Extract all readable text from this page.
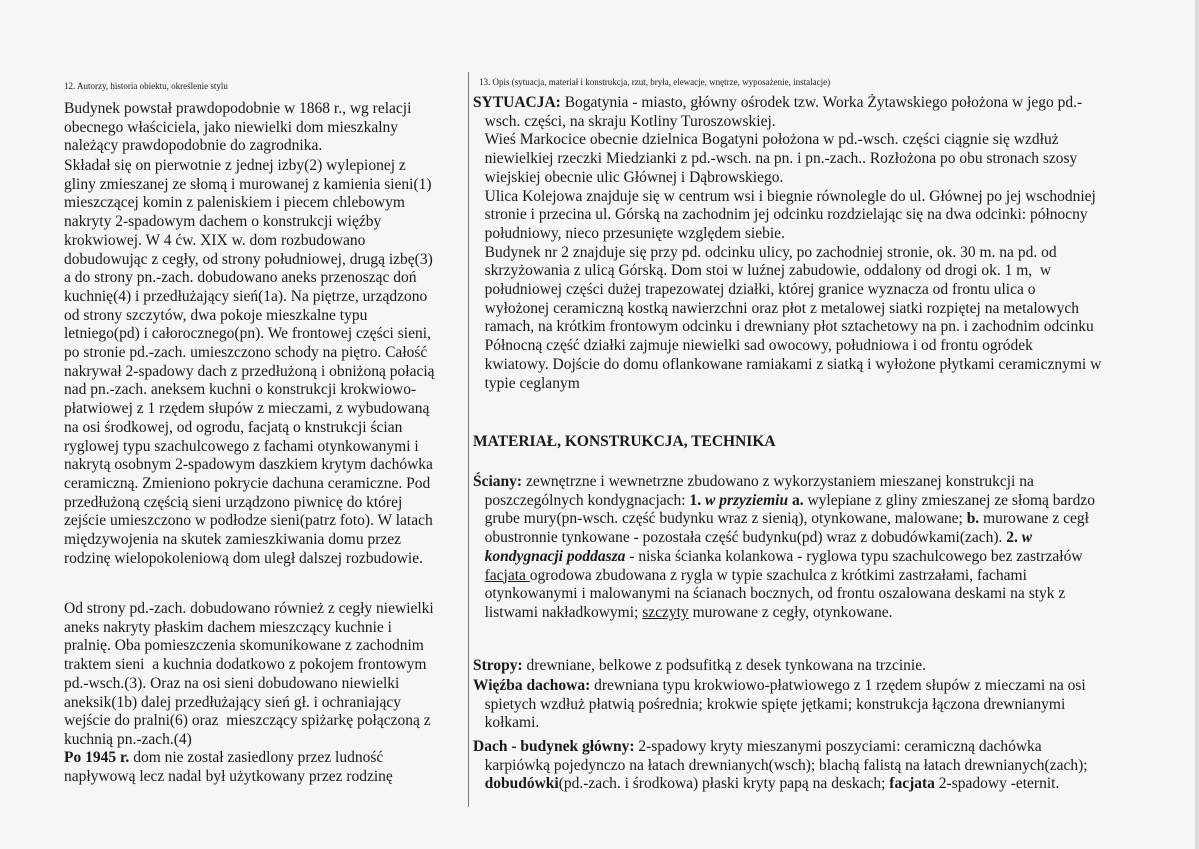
12. Autorzy, historia obiektu, określenie stylu

Budynek powstał prawdopodobnie w 1868 r., wg relacji
obecnego właściciela, jako niewielki dom mieszkalny
należący prawdopodobnie do zagrodnika.

Składał się on pierwotnie z jednej izby(2) wylepionej z
gliny zmieszanej ze słomą i murowanej z kamienia sieni(1)
mieszczącej komin z paleniskiem i piecem chlebowym
nakryty 2-spadowym dachem o konstrukcji więźby
krokwiowej. W 4 ćw. XIX w. dom rozbudowano
dobudowując z cegły, od strony południowej, drugą izbę(3)
a do strony pn.-zach. dobudowano aneks przenosząc doń
kuchnię(4) i przedłużający sień(1a). Na piętrze, urządzono
od strony szczytów, dwa pokoje mieszkalne typu
letniego(pd) i całorocznego(pn). We frontowej części sieni,
po stronie pd.-zach. umieszczono schody na piętro. Całość
nakrywał 2-spadowy dach z przedłużoną i obniżoną połacią
nad pn.-zach. aneksem kuchni o konstrukcji krokwiowo-
płatwiowej z 1 rzędem słupów z mieczami, z wybudowaną
na osi środkowej, od ogrodu, facjatą o knstrukcji ścian
ryglowej typu szachulcowego z fachami otynkowanymi i
nakrytą osobnym 2-spadowym daszkiem krytym dachówka
ceramiczną. Zmieniono pokrycie dachuna ceramiczne. Pod
przedłużoną częścią sieni urządzono piwnicę do której
zejście umieszczono w podłodze sieni(patrz foto). W latach
międzywojenia na skutek zamieszkiwania domu przez
rodzinę wielopokoleniową dom uległ dalszej rozbudowie.

Od strony pd.-zach. dobudowano również z cegły niewielki
aneks nakryty płaskim dachem mieszczący kuchnie i
pralnię. Oba pomieszczenia skomunikowane z zachodnim
traktem sieni  a kuchnia dodatkowo z pokojem frontowym
pd.-wsch.(3). Oraz na osi sieni dobudowano niewielki
aneksik(1b) dalej przedłużający sień gł. i ochraniający
wejście do pralni(6) oraz  mieszczący spiżarkę połączoną z
kuchnią pn.-zach.(4)

Po 1945 r. dom nie został zasiedlony przez ludność
napływową lecz nadal był użytkowany przez rodzinę

13. Opis (sytuacja, materiał i konstrukcja, rzut, bryła, elewacje, wnętrze, wyposażenie, instalacje)

SYTUACJA: Bogatynia - miasto, główny ośrodek tzw. Worka Żytawskiego położona w jego pd.-
wsch. części, na skraju Kotliny Turoszowskiej.
Wieś Markocice obecnie dzielnica Bogatyni położona w pd.-wsch. części ciągnie się wzdłuż
niewielkiej rzeczki Miedzianki z pd.-wsch. na pn. i pn.-zach.. Rozłożona po obu stronach szosy
wiejskiej obecnie ulic Głównej i Dąbrowskiego.
Ulica Kolejowa znajduje się w centrum wsi i biegnie równolegle do ul. Głównej po jej wschodniej
stronie i przecina ul. Górską na zachodnim jej odcinku rozdzielając się na dwa odcinki: północny
południowy, nieco przesunięte względem siebie.
Budynek nr 2 znajduje się przy pd. odcinku ulicy, po zachodniej stronie, ok. 30 m. na pd. od
skrzyżowania z ulicą Górską. Dom stoi w luźnej zabudowie, oddalony od drogi ok. 1 m,  w
południowej części dużej trapezowatej działki, której granice wyznacza od frontu ulica o
wyłożonej ceramiczną kostką nawierzchni oraz płot z metalowej siatki rozpiętej na metalowych
ramach, na krótkim frontowym odcinku i drewniany płot sztachetowy na pn. i zachodnim odcinku
Północną część działki zajmuje niewielki sad owocowy, południowa i od frontu ogródek
kwiatowy. Dojście do domu oflankowane ramiakami z siatką i wyłożone płytkami ceramicznymi w
typie ceglanym

MATERIAŁ, KONSTRUKCJA, TECHNIKA

Ściany: zewnętrzne i wewnetrzne zbudowano z wykorzystaniem mieszanej konstrukcji na
poszczególnych kondygnacjach: 1. w przyziemiu a. wylepiane z gliny zmieszanej ze słomą bardzo
grube mury(pn-wsch. część budynku wraz z sienią), otynkowane, malowane; b. murowane z cegł
obustronnie tynkowane - pozostała część budynku(pd) wraz z dobudówkami(zach). 2. w
kondygnacji poddasza - niska ścianka kolankowa - ryglowa typu szachulcowego bez zastrzałów
facjata ogrodowa zbudowana z rygla w typie szachulca z krótkimi zastrzałami, fachami
otynkowanymi i malowanymi na ścianach bocznych, od frontu oszalowana deskami na styk z
listwami nakładkowymi; szczyty murowane z cegły, otynkowane.

Stropy: drewniane, belkowe z podsufitką z desek tynkowana na trzcinie.

Więźba dachowa: drewniana typu krokwiowo-płatwiowego z 1 rzędem słupów z mieczami na osi
spietych wzdłuż płatwią pośrednia; krokwie spięte jętkami; konstrukcja łączona drewnianymi
kołkami.

Dach - budynek główny: 2-spadowy kryty mieszanymi poszyciami: ceramiczną dachówka
karpiówką pojedynczo na łatach drewnianych(wsch); blachą falistą na łatach drewnianych(zach);
dobudówki(pd.-zach. i środkowa) płaski kryty papą na deskach; facjata 2-spadowy -eternit.
